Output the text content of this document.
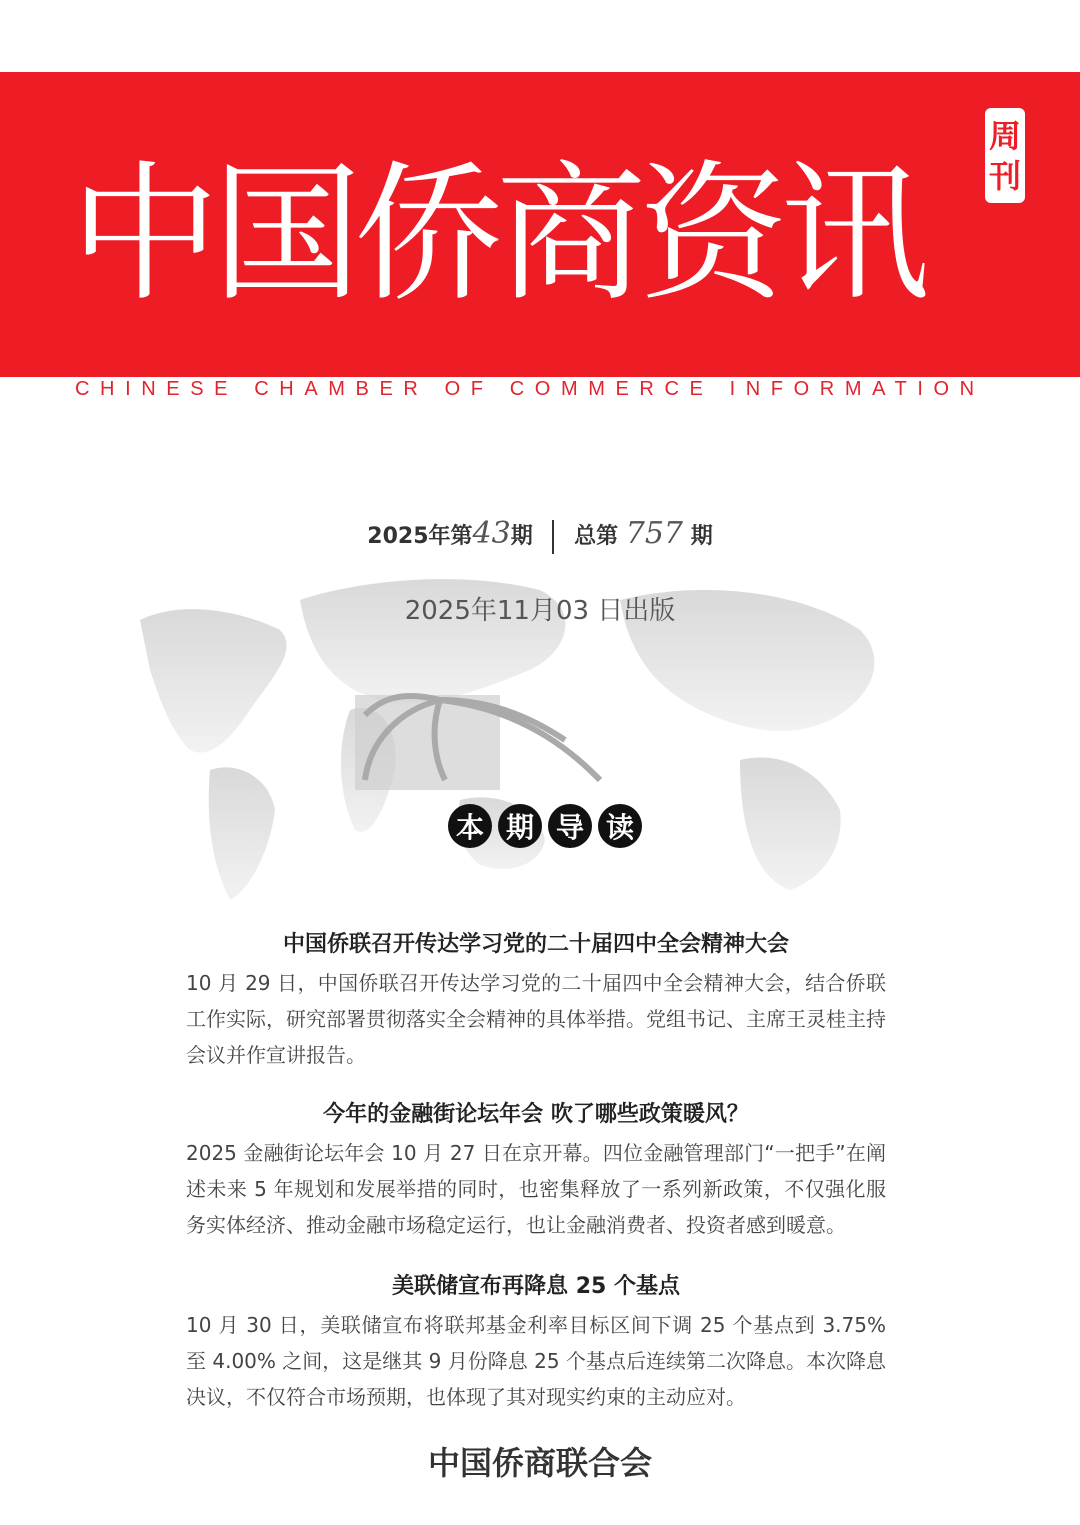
中国侨商资讯
周
刊
CHINESE CHAMBER OF COMMERCE INFORMATION
2025年第43期 总第 757 期
2025年11月03 日出版
本 期 导 读
中国侨联召开传达学习党的二十届四中全会精神大会

10 月 29 日，中国侨联召开传达学习党的二十届四中全会精神大会，结合侨联工作实际，研究部署贯彻落实全会精神的具体举措。党组书记、主席王灵桂主持会议并作宣讲报告。

今年的金融街论坛年会 吹了哪些政策暖风？

2025 金融街论坛年会 10 月 27 日在京开幕。四位金融管理部门“一把手”在阐述未来 5 年规划和发展举措的同时，也密集释放了一系列新政策，不仅强化服务实体经济、推动金融市场稳定运行，也让金融消费者、投资者感到暖意。

美联储宣布再降息 25 个基点

10 月 30 日，美联储宣布将联邦基金利率目标区间下调 25 个基点到 3.75% 至 4.00% 之间，这是继其 9 月份降息 25 个基点后连续第二次降息。本次降息决议，不仅符合市场预期，也体现了其对现实约束的主动应对。

中国侨商联合会
